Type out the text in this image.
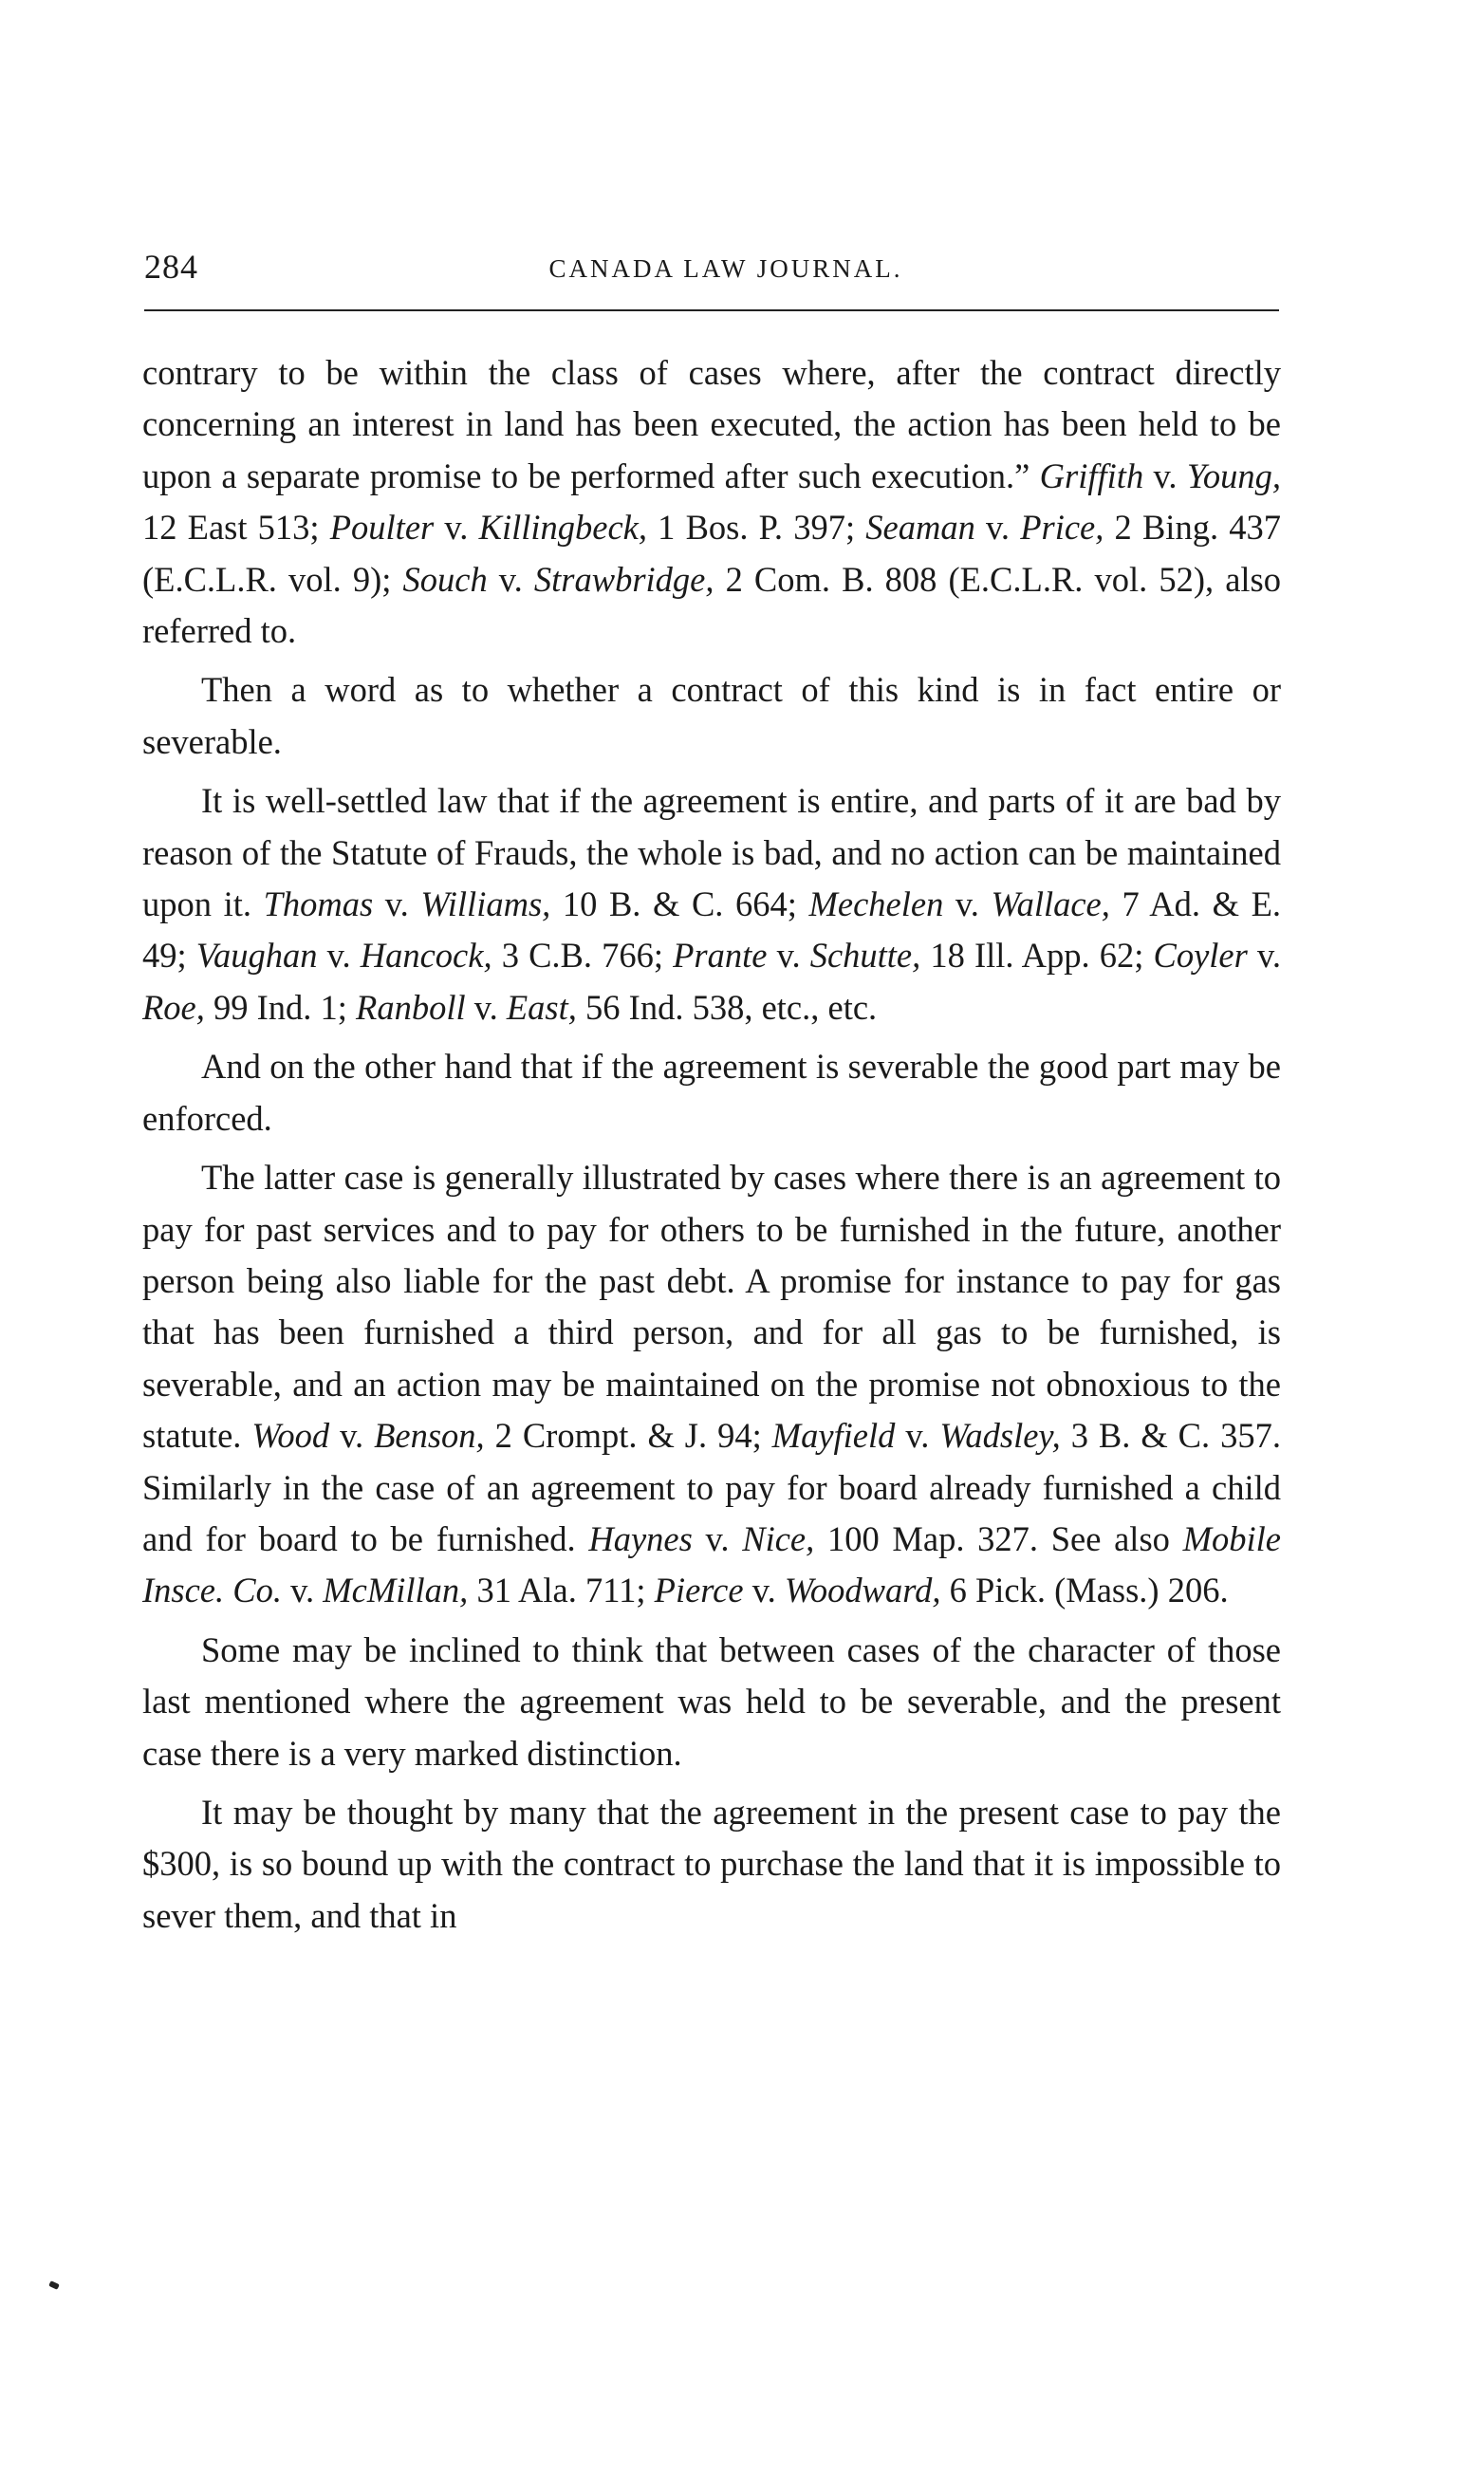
284	CANADA LAW JOURNAL.

contrary to be within the class of cases where, after the contract directly concerning an interest in land has been executed, the action has been held to be upon a separate promise to be performed after such execution.” Griffith v. Young, 12 East 513; Poulter v. Killingbeck, 1 Bos. P. 397; Seaman v. Price, 2 Bing. 437 (E.C.L.R. vol. 9); Souch v. Strawbridge, 2 Com. B. 808 (E.C.L.R. vol. 52), also referred to.

Then a word as to whether a contract of this kind is in fact entire or severable.

It is well-settled law that if the agreement is entire, and parts of it are bad by reason of the Statute of Frauds, the whole is bad, and no action can be maintained upon it. Thomas v. Williams, 10 B. & C. 664; Mechelen v. Wallace, 7 Ad. & E. 49; Vaughan v. Hancock, 3 C.B. 766; Prante v. Schutte, 18 Ill. App. 62; Coyler v. Roe, 99 Ind. 1; Ranboll v. East, 56 Ind. 538, etc., etc.

And on the other hand that if the agreement is severable the good part may be enforced.

The latter case is generally illustrated by cases where there is an agreement to pay for past services and to pay for others to be furnished in the future, another person being also liable for the past debt. A promise for instance to pay for gas that has been furnished a third person, and for all gas to be furnished, is severable, and an action may be maintained on the promise not obnoxious to the statute. Wood v. Benson, 2 Crompt. & J. 94; Mayfield v. Wadsley, 3 B. & C. 357. Similarly in the case of an agreement to pay for board already furnished a child and for board to be furnished. Haynes v. Nice, 100 Map. 327. See also Mobile Insce. Co. v. McMillan, 31 Ala. 711; Pierce v. Woodward, 6 Pick. (Mass.) 206.

Some may be inclined to think that between cases of the character of those last mentioned where the agreement was held to be severable, and the present case there is a very marked distinction.

It may be thought by many that the agreement in the present case to pay the $300, is so bound up with the contract to purchase the land that it is impossible to sever them, and that in
